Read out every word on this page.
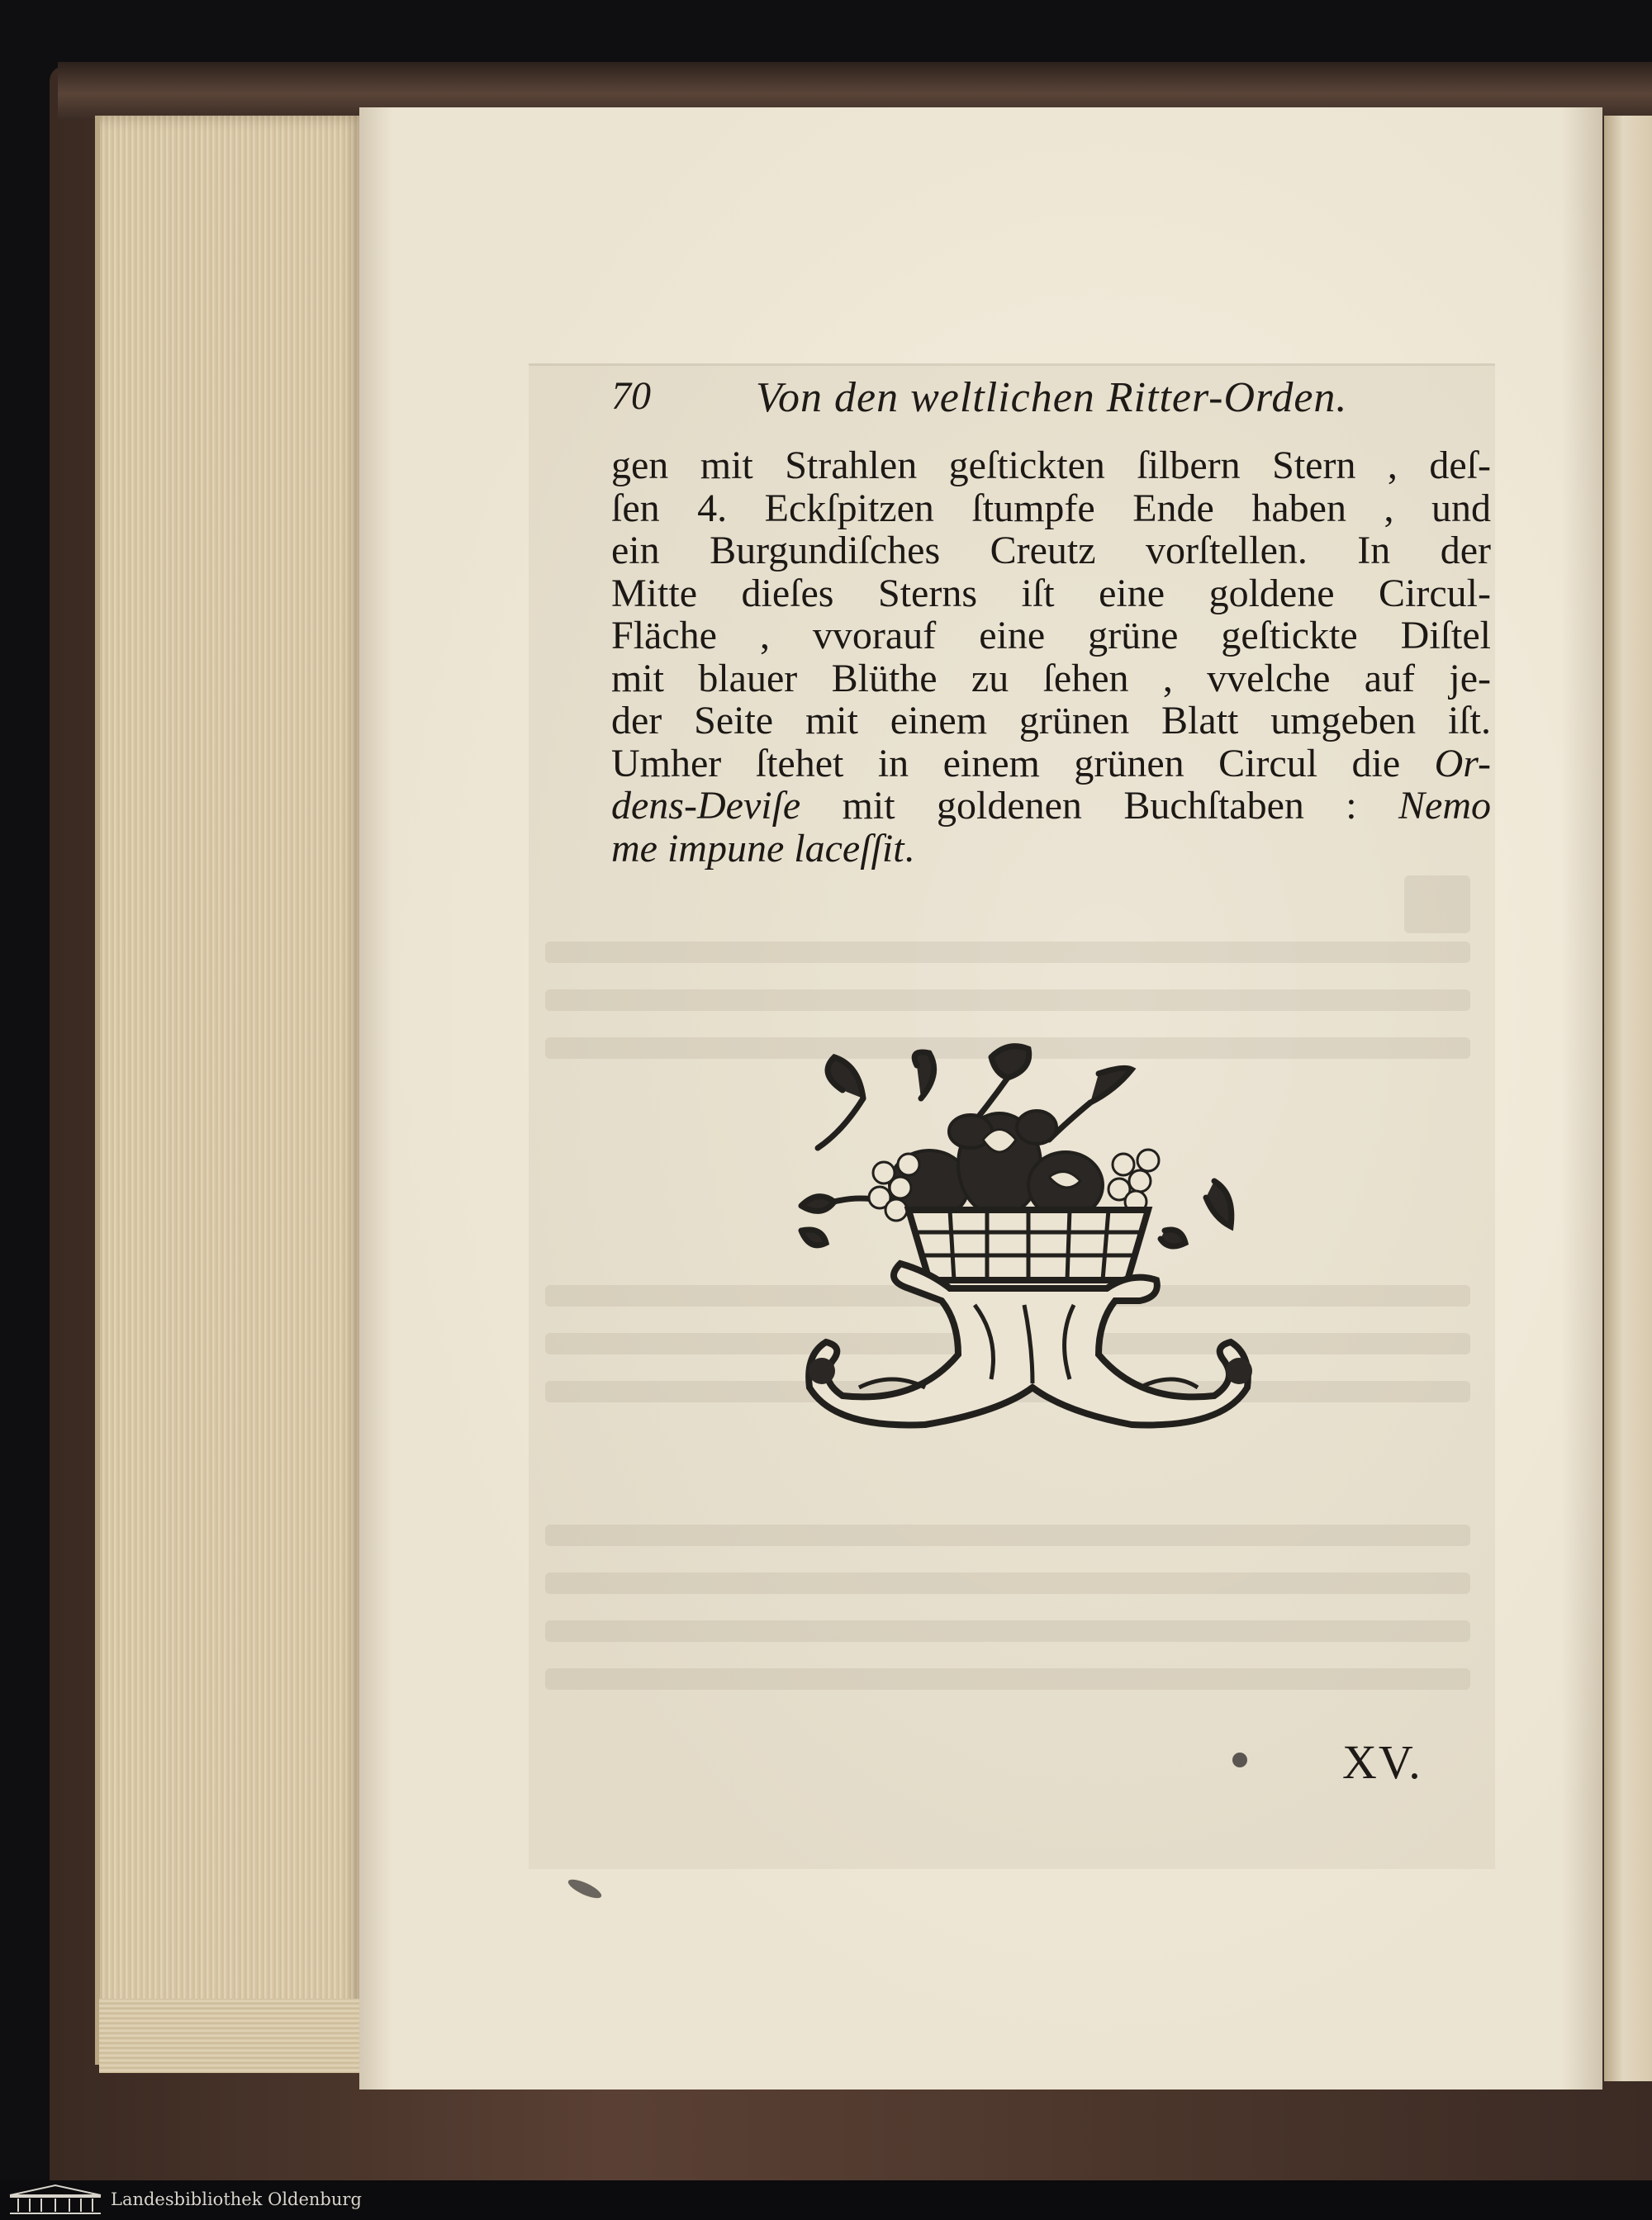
70 Von den weltlichen Ritter-Orden.
gen mit Strahlen geſtickten ſilbern Stern , deſ-
ſen 4. Eckſpitzen ſtumpfe Ende haben , und
ein Burgundiſches Creutz vorſtellen. In der
Mitte dieſes Sterns iſt eine goldene Circul-
Fläche , vvorauf eine grüne geſtickte Diſtel
mit blauer Blüthe zu ſehen , vvelche auf je-
der Seite mit einem grünen Blatt umgeben iſt.
Umher ſtehet in einem grünen Circul die Or-
dens-Deviſe mit goldenen Buchſtaben : Nemo
me impune laceſſit.
XV.
Landesbibliothek Oldenburg
